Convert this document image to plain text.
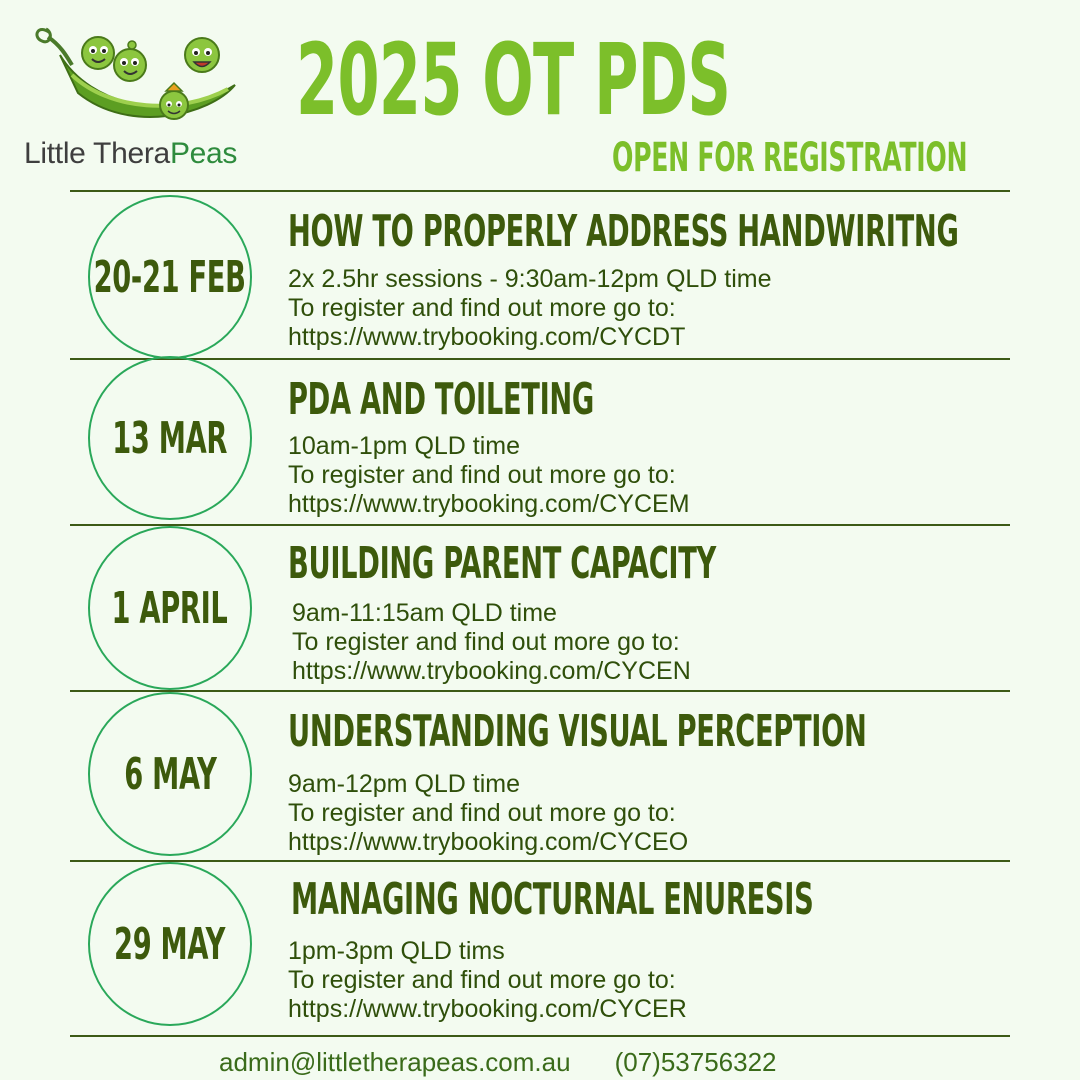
Little TheraPeas
2025 OT PDS
OPEN FOR REGISTRATION
20-21 FEB
HOW TO PROPERLY ADDRESS HANDWIRITNG
2x 2.5hr sessions - 9:30am-12pm QLD time
To register and find out more go to:
https://www.trybooking.com/CYCDT
13 MAR
PDA AND TOILETING
10am-1pm QLD time
To register and find out more go to:
https://www.trybooking.com/CYCEM
1 APRIL
BUILDING PARENT CAPACITY
9am-11:15am QLD time
To register and find out more go to:
https://www.trybooking.com/CYCEN
6 MAY
UNDERSTANDING VISUAL PERCEPTION
9am-12pm QLD time
To register and find out more go to:
https://www.trybooking.com/CYCEO
29 MAY
MANAGING NOCTURNAL ENURESIS
1pm-3pm QLD tims
To register and find out more go to:
https://www.trybooking.com/CYCER
admin@littletherapeas.com.au (07)53756322
